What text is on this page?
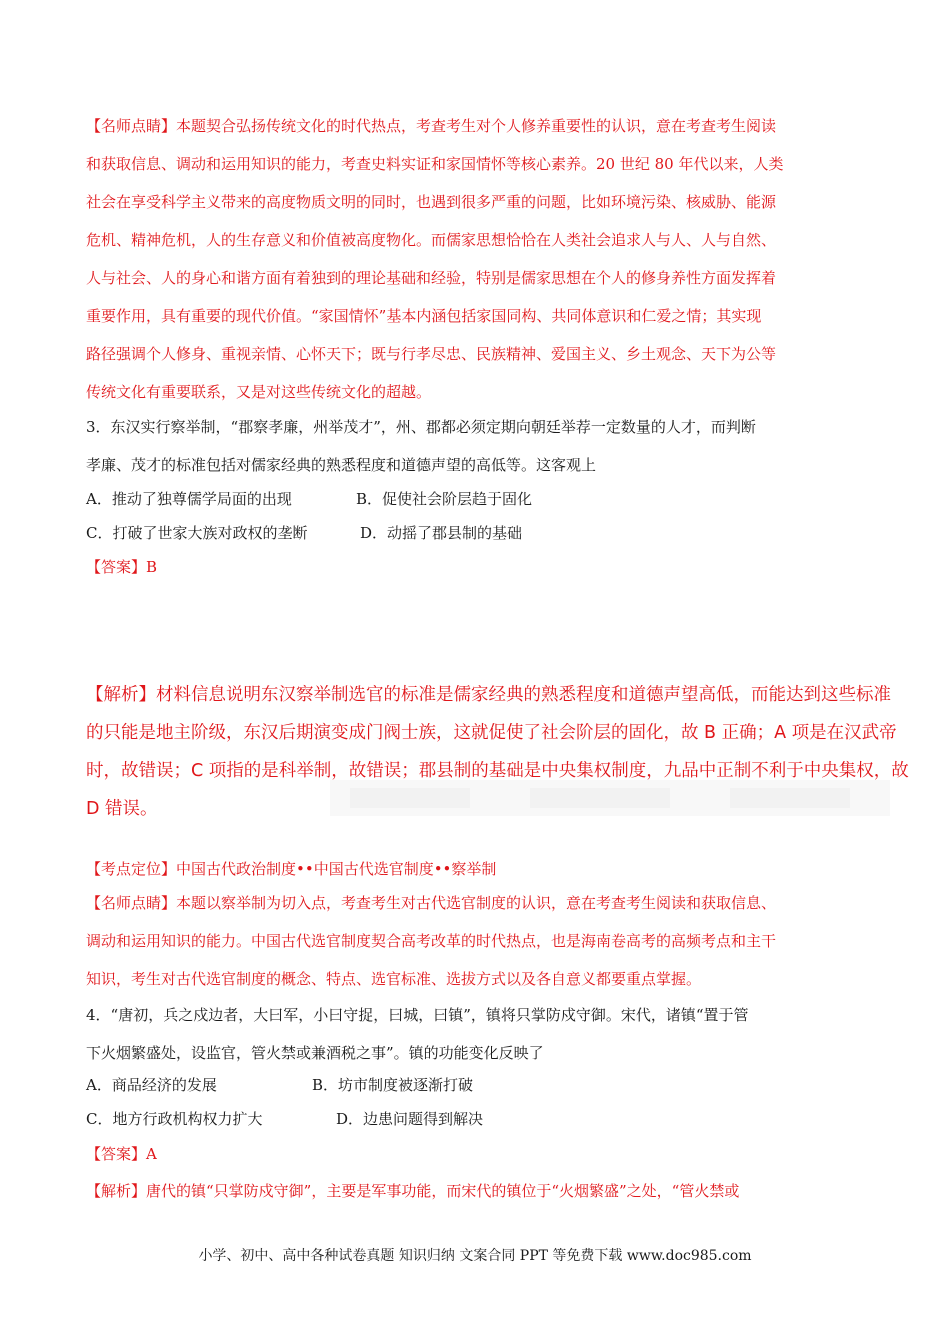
【名师点睛】本题契合弘扬传统文化的时代热点，考查考生对个人修养重要性的认识，意在考查考生阅读
和获取信息、调动和运用知识的能力，考查史料实证和家国情怀等核心素养。20 世纪 80 年代以来，人类
社会在享受科学主义带来的高度物质文明的同时，也遇到很多严重的问题，比如环境污染、核威胁、能源
危机、精神危机，人的生存意义和价值被高度物化。而儒家思想恰恰在人类社会追求人与人、人与自然、
人与社会、人的身心和谐方面有着独到的理论基础和经验，特别是儒家思想在个人的修身养性方面发挥着
重要作用，具有重要的现代价值。“家国情怀”基本内涵包括家国同构、共同体意识和仁爱之情；其实现
路径强调个人修身、重视亲情、心怀天下；既与行孝尽忠、民族精神、爱国主义、乡土观念、天下为公等
传统文化有重要联系，又是对这些传统文化的超越。
3．东汉实行察举制，“郡察孝廉，州举茂才”，州、郡都必须定期向朝廷举荐一定数量的人才，而判断
孝廉、茂才的标准包括对儒家经典的熟悉程度和道德声望的高低等。这客观上
A．推动了独尊儒学局面的出现	B．促使社会阶层趋于固化
C．打破了世家大族对政权的垄断	D．动摇了郡县制的基础
【答案】B
【解析】材料信息说明东汉察举制选官的标准是儒家经典的熟悉程度和道德声望高低，而能达到这些标准
的只能是地主阶级，东汉后期演变成门阀士族，这就促使了社会阶层的固化，故 B 正确；A 项是在汉武帝
时，故错误；C 项指的是科举制，故错误；郡县制的基础是中央集权制度，九品中正制不利于中央集权，故
D 错误。
【考点定位】中国古代政治制度••中国古代选官制度••察举制
【名师点睛】本题以察举制为切入点，考查考生对古代选官制度的认识，意在考查考生阅读和获取信息、
调动和运用知识的能力。中国古代选官制度契合高考改革的时代热点，也是海南卷高考的高频考点和主干
知识，考生对古代选官制度的概念、特点、选官标准、选拔方式以及各自意义都要重点掌握。
4．“唐初，兵之戍边者，大曰军，小曰守捉，曰城，曰镇”，镇将只掌防戍守御。宋代，诸镇“置于管
下火烟繁盛处，设监官，管火禁或兼酒税之事”。镇的功能变化反映了
A．商品经济的发展	B．坊市制度被逐渐打破
C．地方行政机构权力扩大	D．边患问题得到解决
【答案】A
【解析】唐代的镇“只掌防戍守御”，主要是军事功能，而宋代的镇位于“火烟繁盛”之处，“管火禁或
小学、初中、高中各种试卷真题 知识归纳 文案合同 PPT 等免费下载 www.doc985.com
